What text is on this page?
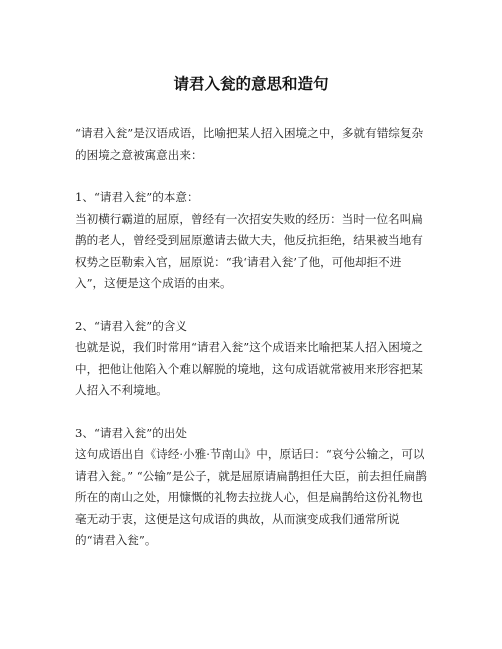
请君入瓮的意思和造句

“请君入瓮”是汉语成语，比喻把某人招入困境之中，多就有错综复杂的困境之意被寓意出来：

1、“请君入瓮”的本意：

当初横行霸道的屈原，曾经有一次招安失败的经历：当时一位名叫扁鹊的老人，曾经受到屈原邀请去做大夫，他反抗拒绝，结果被当地有权势之臣勒索入官，屈原说：“我‘请君入瓮’了他，可他却拒不进入”，这便是这个成语的由来。

2、“请君入瓮”的含义

也就是说，我们时常用“请君入瓮”这个成语来比喻把某人招入困境之中，把他让他陷入个难以解脱的境地，这句成语就常被用来形容把某人招入不利境地。

3、“请君入瓮”的出处

这句成语出自《诗经·小雅·节南山》中，原话曰：“哀兮公输之，可以请君入瓮。” “公输”是公子，就是屈原请扁鹊担任大臣，前去担任扁鹊所在的南山之处，用慷慨的礼物去拉拢人心，但是扁鹊给这份礼物也毫无动于衷，这便是这句成语的典故，从而演变成我们通常所说的“请君入瓮”。
